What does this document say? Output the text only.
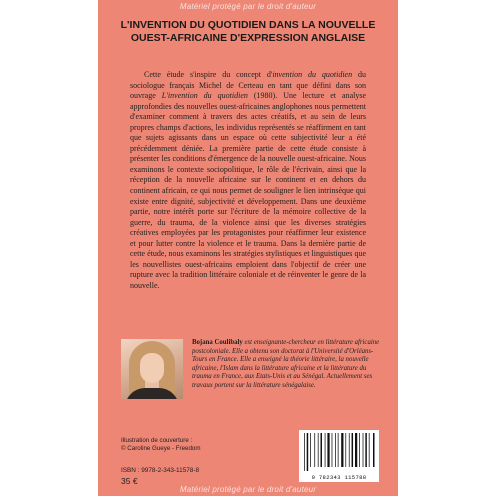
Matériel protégé par le droit d'auteur
L'INVENTION DU QUOTIDIEN DANS LA NOUVELLE
OUEST-AFRICAINE D'EXPRESSION ANGLAISE

Cette étude s'inspire du concept d'invention du quotidien du sociologue français Michel de Certeau en tant que défini dans son ouvrage L'invention du quotidien (1980). Une lecture et analyse approfondies des nouvelles ouest-africaines anglophones nous permettent d'examiner comment à travers des actes créatifs, et au sein de leurs propres champs d'actions, les individus représentés se réaffirment en tant que sujets agissants dans un espace où cette subjectivité leur a été précédemment déniée. La première partie de cette étude consiste à présenter les conditions d'émergence de la nouvelle ouest-africaine. Nous examinons le contexte sociopolitique, le rôle de l'écrivain, ainsi que la réception de la nouvelle africaine sur le continent et en dehors du continent africain, ce qui nous permet de souligner le lien intrinsèque qui existe entre dignité, subjectivité et développement. Dans une deuxième partie, notre intérêt porte sur l'écriture de la mémoire collective de la guerre, du trauma, de la violence ainsi que les diverses stratégies créatives employées par les protagonistes pour réaffirmer leur existence et pour lutter contre la violence et le trauma. Dans la dernière partie de cette étude, nous examinons les stratégies stylistiques et linguistiques que les nouvellistes ouest-africains emploient dans l'objectif de créer une rupture avec la tradition littéraire coloniale et de réinventer le genre de la nouvelle.

Bojana Coulibaly est enseignante-chercheur en littérature africaine postcoloniale. Elle a obtenu son doctorat à l'Université d'Orléans-Tours en France. Elle a enseigné la théorie littéraire, la nouvelle africaine, l'Islam dans la littérature africaine et la littérature du trauma en France, aux Etats-Unis et au Sénégal. Actuellement ses travaux portent sur la littérature sénégalaise.

Illustration de couverture :
© Caroline Gueye - Freedom

ISBN : 9978-2-343-11578-8
35 €	9 782343 115788
Matériel protégé par le droit d'auteur
